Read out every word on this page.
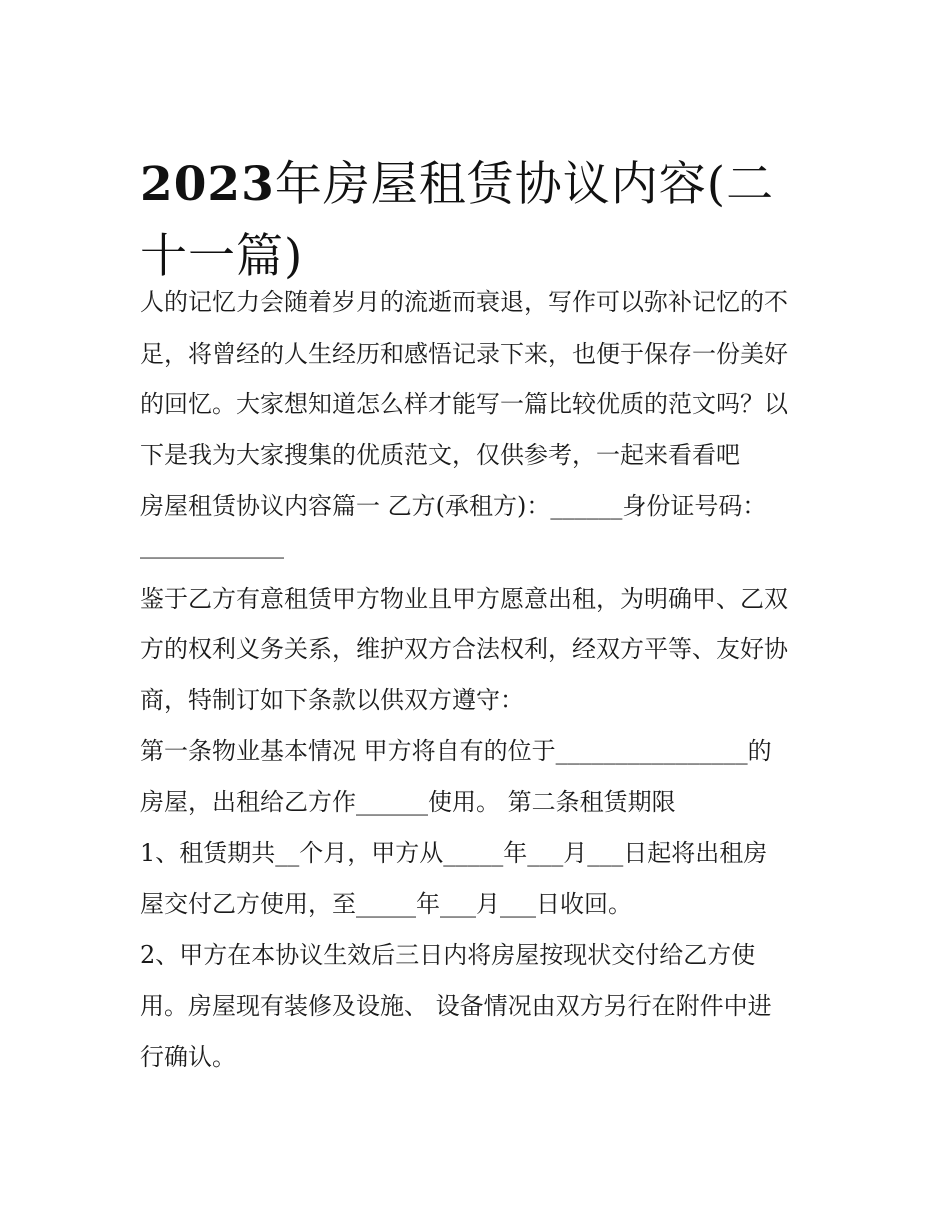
2023年房屋租赁协议内容(二
十一篇)
人的记忆力会随着岁月的流逝而衰退，写作可以弥补记忆的不
足，将曾经的人生经历和感悟记录下来，也便于保存一份美好
的回忆。大家想知道怎么样才能写一篇比较优质的范文吗？以
下是我为大家搜集的优质范文，仅供参考，一起来看看吧
房屋租赁协议内容篇一 乙方(承租方)：______身份证号码：
____________
鉴于乙方有意租赁甲方物业且甲方愿意出租，为明确甲、乙双
方的权利义务关系，维护双方合法权利，经双方平等、友好协
商，特制订如下条款以供双方遵守：
第一条物业基本情况 甲方将自有的位于________________的
房屋，出租给乙方作______使用。 第二条租赁期限
1、租赁期共__个月，甲方从_____年___月___日起将出租房
屋交付乙方使用，至_____年___月___日收回。
2、甲方在本协议生效后三日内将房屋按现状交付给乙方使
用。房屋现有装修及设施、 设备情况由双方另行在附件中进
行确认。
